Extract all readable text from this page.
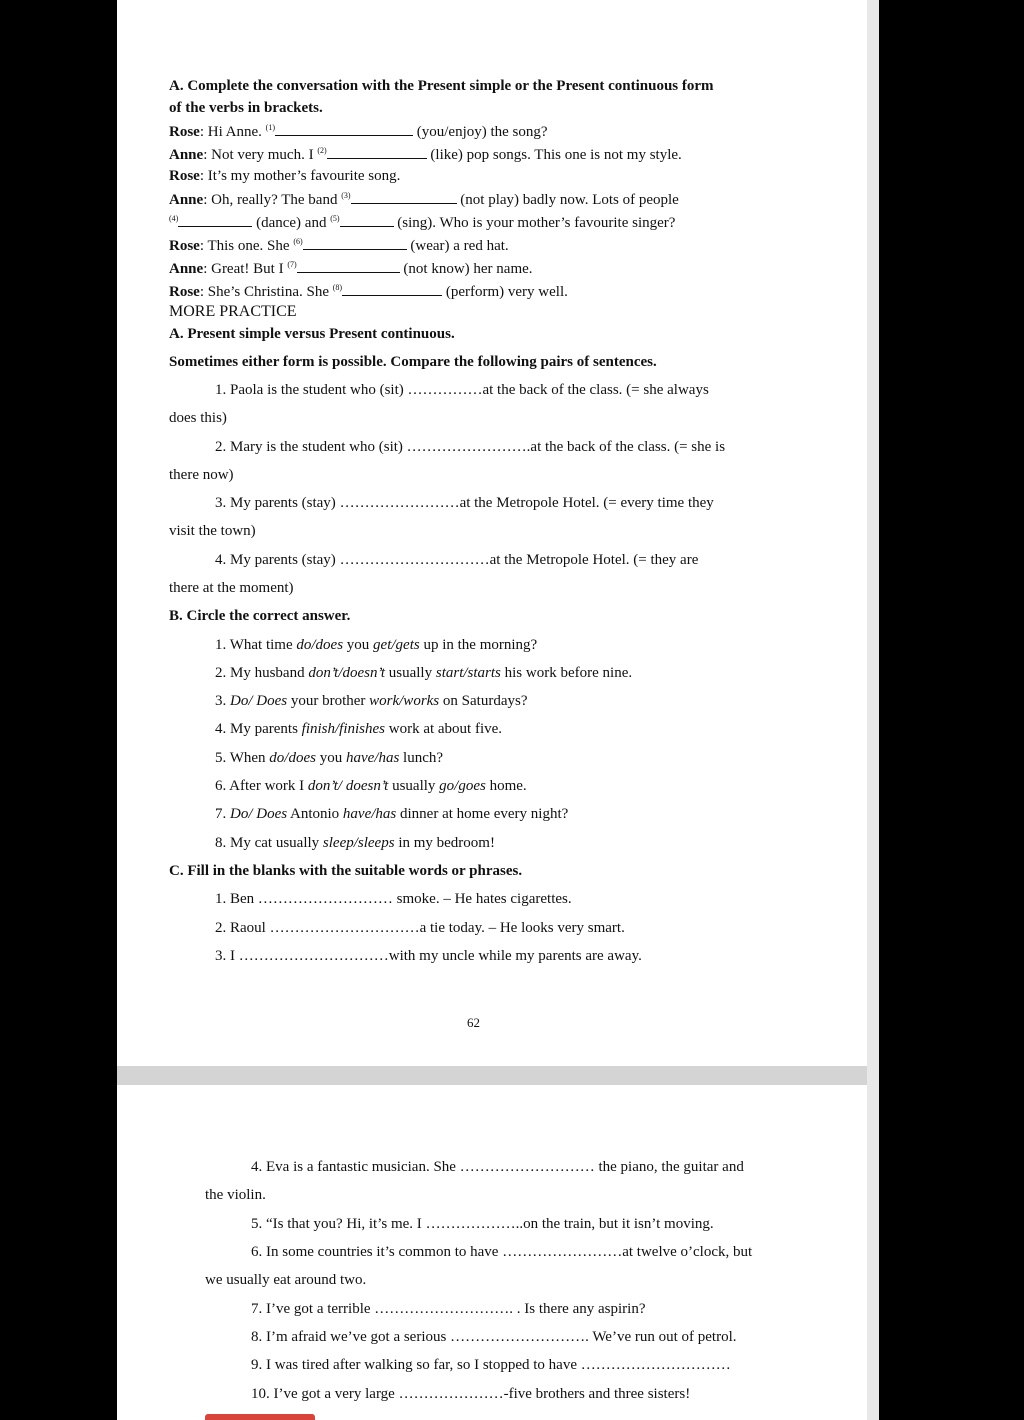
A. Complete the conversation with the Present simple or the Present continuous form
of the verbs in brackets.
Rose: Hi Anne. $^{(1)}$	(you/enjoy) the song?
Anne: Not very much. I $^{(2)}$	(like) pop songs. This one is not my style.
Rose: It’s my mother’s favourite song.
Anne: Oh, really? The band $^{(3)}$	(not play) badly now. Lots of people
$^{(4)}$	(dance) and $^{(5)}$	(sing). Who is your mother’s favourite singer?
Rose: This one. She $^{(6)}$	(wear) a red hat.
Anne: Great! But I $^{(7)}$	(not know) her name.
Rose: She’s Christina. She $^{(8)}$	(perform) very well.
MORE PRACTICE
A. Present simple versus Present continuous.
Sometimes either form is possible. Compare the following pairs of sentences.
1. Paola is the student who (sit) ……………at the back of the class. (= she always
does this)
2. Mary is the student who (sit) …………………….at the back of the class. (= she is
there now)
3. My parents (stay) ……………………at the Metropole Hotel. (= every time they
visit the town)
4. My parents (stay) …………………………at the Metropole Hotel. (= they are
there at the moment)
B. Circle the correct answer.
1. What time do/does you get/gets up in the morning?
2. My husband don’t/doesn’t usually start/starts his work before nine.
3. Do/ Does your brother work/works on Saturdays?
4. My parents finish/finishes work at about five.
5. When do/does you have/has lunch?
6. After work I don’t/ doesn’t usually go/goes home.
7. Do/ Does Antonio have/has dinner at home every night?
8. My cat usually sleep/sleeps in my bedroom!
C. Fill in the blanks with the suitable words or phrases.
1. Ben ……………………… smoke. – He hates cigarettes.
2. Raoul …………………………a tie today. – He looks very smart.
3. I …………………………with my uncle while my parents are away.
62
4. Eva is a fantastic musician. She ……………………… the piano, the guitar and
the violin.
5. “Is that you? Hi, it’s me. I ………………..on the train, but it isn’t moving.
6. In some countries it’s common to have ……………………at twelve o’clock, but
we usually eat around two.
7. I’ve got a terrible ………………………. . Is there any aspirin?
8. I’m afraid we’ve got a serious ………………………. We’ve run out of petrol.
9. I was tired after walking so far, so I stopped to have …………………………
10. I’ve got a very large …………………-five brothers and three sisters!
